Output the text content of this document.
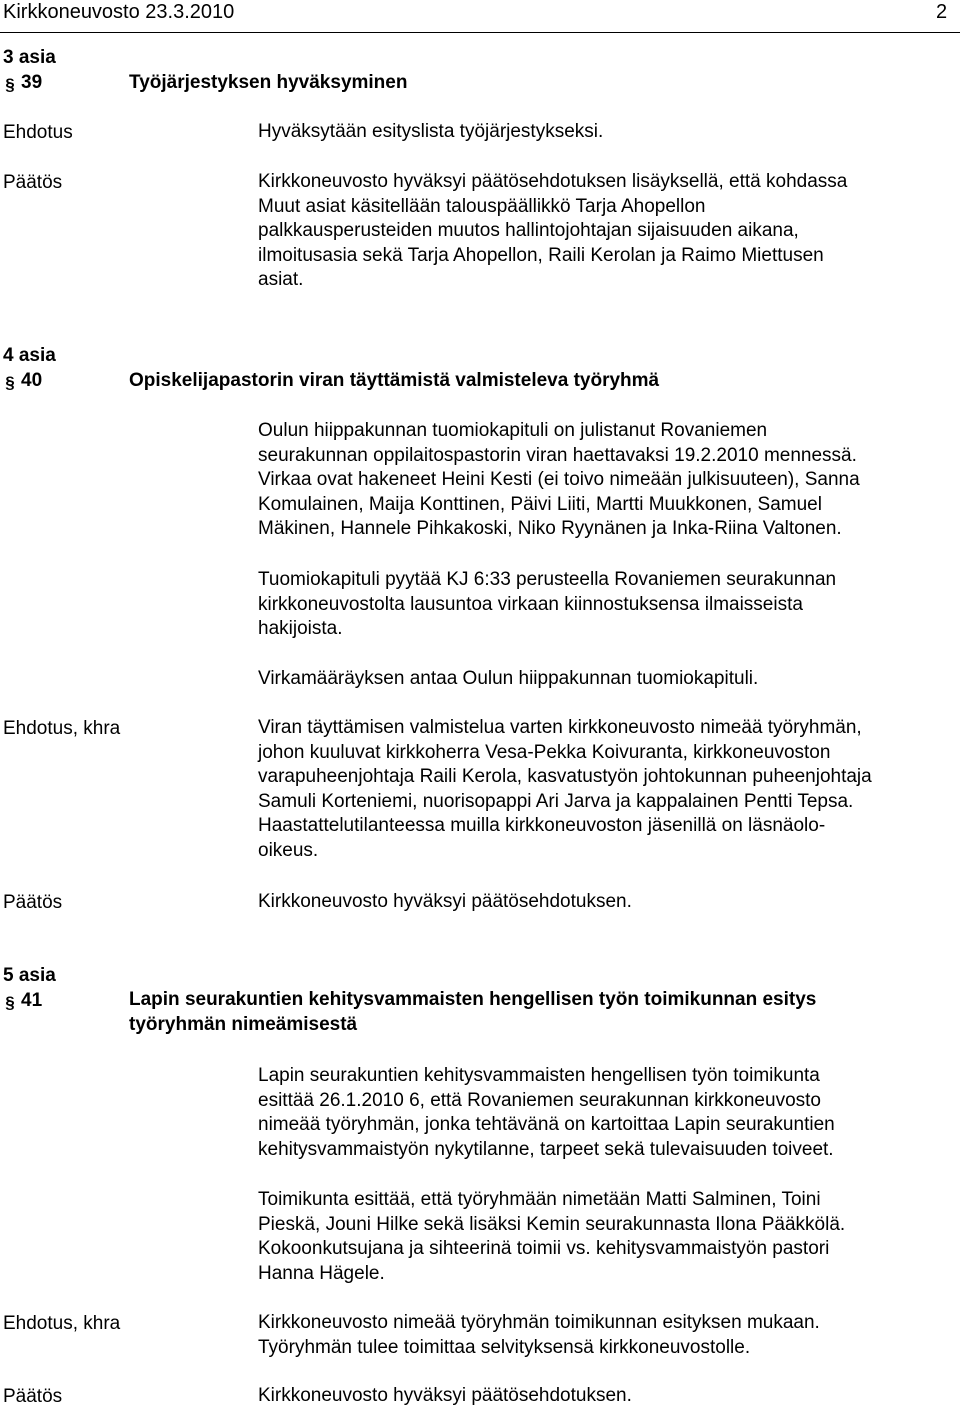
Kirkkoneuvosto 23.3.2010	2
3 asia
§ 39	Työjärjestyksen hyväksyminen
Ehdotus	Hyväksytään esityslista työjärjestykseksi.
Päätös	Kirkkoneuvosto hyväksyi päätösehdotuksen lisäyksellä, että kohdassa
Muut asiat käsitellään talouspäällikkö Tarja Ahopellon
palkkausperusteiden muutos hallintojohtajan sijaisuuden aikana,
ilmoitusasia sekä Tarja Ahopellon, Raili Kerolan ja Raimo Miettusen
asiat.
4 asia
§ 40	Opiskelijapastorin viran täyttämistä valmisteleva työryhmä
Oulun hiippakunnan tuomiokapituli on julistanut Rovaniemen
seurakunnan oppilaitospastorin viran haettavaksi 19.2.2010 mennessä.
Virkaa ovat hakeneet Heini Kesti (ei toivo nimeään julkisuuteen), Sanna
Komulainen, Maija Konttinen, Päivi Liiti, Martti Muukkonen, Samuel
Mäkinen, Hannele Pihkakoski, Niko Ryynänen ja Inka-Riina Valtonen.
Tuomiokapituli pyytää KJ 6:33 perusteella Rovaniemen seurakunnan
kirkkoneuvostolta lausuntoa virkaan kiinnostuksensa ilmaisseista
hakijoista.
Virkamääräyksen antaa Oulun hiippakunnan tuomiokapituli.
Ehdotus, khra	Viran täyttämisen valmistelua varten kirkkoneuvosto nimeää työryhmän,
johon kuuluvat kirkkoherra Vesa-Pekka Koivuranta, kirkkoneuvoston
varapuheenjohtaja Raili Kerola, kasvatustyön johtokunnan puheenjohtaja
Samuli Korteniemi, nuorisopappi Ari Jarva ja kappalainen Pentti Tepsa.
Haastattelutilanteessa muilla kirkkoneuvoston jäsenillä on läsnäolo-
oikeus.
Päätös	Kirkkoneuvosto hyväksyi päätösehdotuksen.
5 asia
§ 41	Lapin seurakuntien kehitysvammaisten hengellisen työn toimikunnan esitys
työryhmän nimeämisestä
Lapin seurakuntien kehitysvammaisten hengellisen työn toimikunta
esittää 26.1.2010 6, että Rovaniemen seurakunnan kirkkoneuvosto
nimeää työryhmän, jonka tehtävänä on kartoittaa Lapin seurakuntien
kehitysvammaistyön nykytilanne, tarpeet sekä tulevaisuuden toiveet.
Toimikunta esittää, että työryhmään nimetään Matti Salminen, Toini
Pieskä, Jouni Hilke sekä lisäksi Kemin seurakunnasta Ilona Pääkkölä.
Kokoonkutsujana ja sihteerinä toimii vs. kehitysvammaistyön pastori
Hanna Hägele.
Ehdotus, khra	Kirkkoneuvosto nimeää työryhmän toimikunnan esityksen mukaan.
Työryhmän tulee toimittaa selvityksensä kirkkoneuvostolle.
Päätös	Kirkkoneuvosto hyväksyi päätösehdotuksen.
